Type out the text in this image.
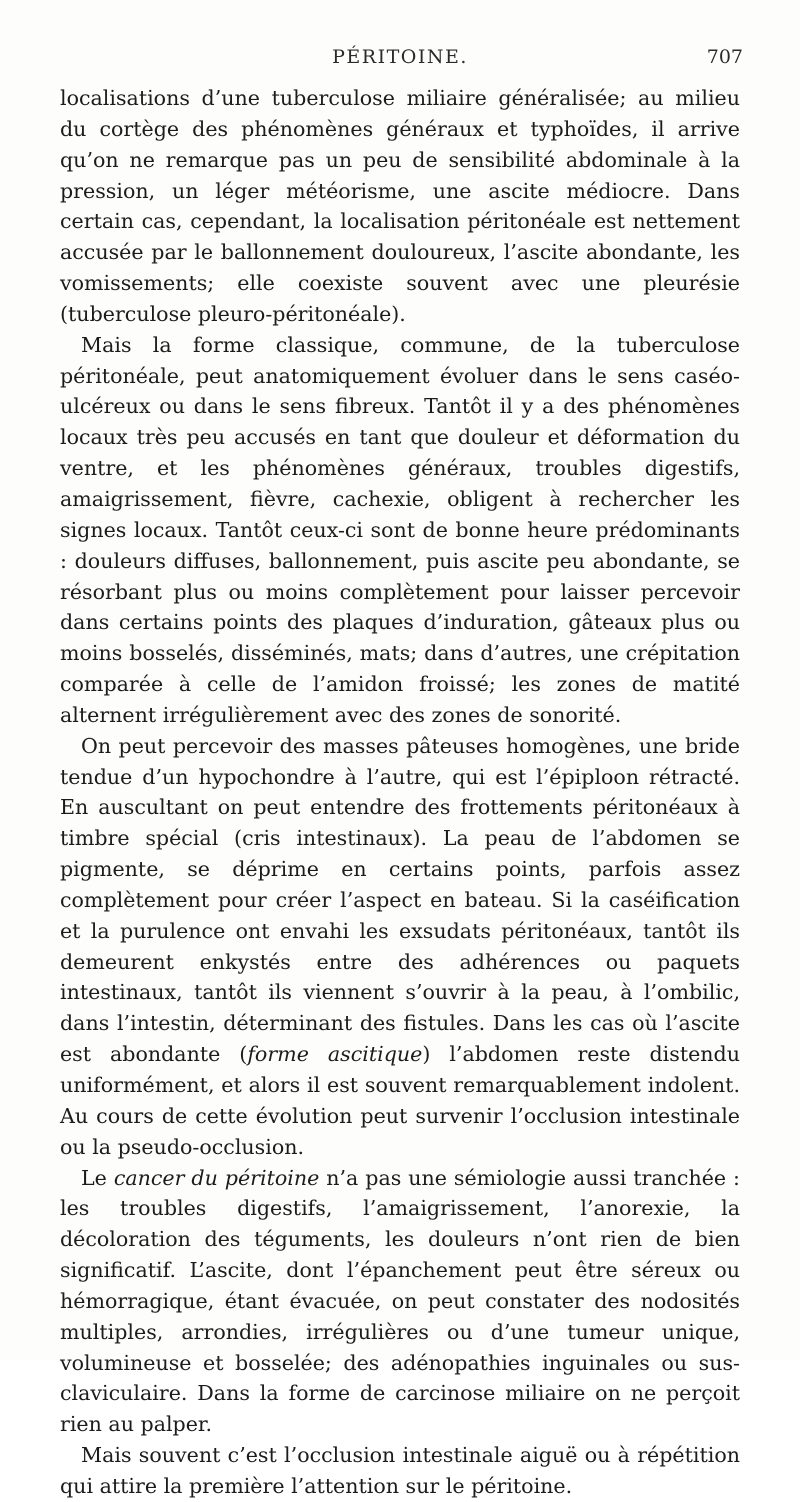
PÉRITOINE.	707

localisations d’une tuberculose miliaire généralisée; au milieu du cortège des phénomènes généraux et typhoïdes, il arrive qu’on ne remarque pas un peu de sensibilité abdominale à la pression, un léger météorisme, une ascite médiocre. Dans certain cas, cependant, la localisation péritonéale est nettement accusée par le ballonnement douloureux, l’ascite abondante, les vomissements; elle coexiste souvent avec une pleurésie (tuberculose pleuro-péritonéale).

Mais la forme classique, commune, de la tuberculose péritonéale, peut anatomiquement évoluer dans le sens caséo-ulcéreux ou dans le sens fibreux. Tantôt il y a des phénomènes locaux très peu accusés en tant que douleur et déformation du ventre, et les phénomènes généraux, troubles digestifs, amaigrissement, fièvre, cachexie, obligent à rechercher les signes locaux. Tantôt ceux-ci sont de bonne heure prédominants : douleurs diffuses, ballonnement, puis ascite peu abondante, se résorbant plus ou moins complètement pour laisser percevoir dans certains points des plaques d’induration, gâteaux plus ou moins bosselés, disséminés, mats; dans d’autres, une crépitation comparée à celle de l’amidon froissé; les zones de matité alternent irrégulièrement avec des zones de sonorité.

On peut percevoir des masses pâteuses homogènes, une bride tendue d’un hypochondre à l’autre, qui est l’épiploon rétracté. En auscultant on peut entendre des frottements péritonéaux à timbre spécial (cris intestinaux). La peau de l’abdomen se pigmente, se déprime en certains points, parfois assez complètement pour créer l’aspect en bateau. Si la caséification et la purulence ont envahi les exsudats péritonéaux, tantôt ils demeurent enkystés entre des adhérences ou paquets intestinaux, tantôt ils viennent s’ouvrir à la peau, à l’ombilic, dans l’intestin, déterminant des fistules. Dans les cas où l’ascite est abondante (forme ascitique) l’abdomen reste distendu uniformément, et alors il est souvent remarquablement indolent. Au cours de cette évolution peut survenir l’occlusion intestinale ou la pseudo-occlusion.

Le cancer du péritoine n’a pas une sémiologie aussi tranchée : les troubles digestifs, l’amaigrissement, l’anorexie, la décoloration des téguments, les douleurs n’ont rien de bien significatif. L’ascite, dont l’épanchement peut être séreux ou hémorragique, étant évacuée, on peut constater des nodosités multiples, arrondies, irrégulières ou d’une tumeur unique, volumineuse et bosselée; des adénopathies inguinales ou sus-claviculaire. Dans la forme de carcinose miliaire on ne perçoit rien au palper.

Mais souvent c’est l’occlusion intestinale aiguë ou à répétition qui attire la première l’attention sur le péritoine.
